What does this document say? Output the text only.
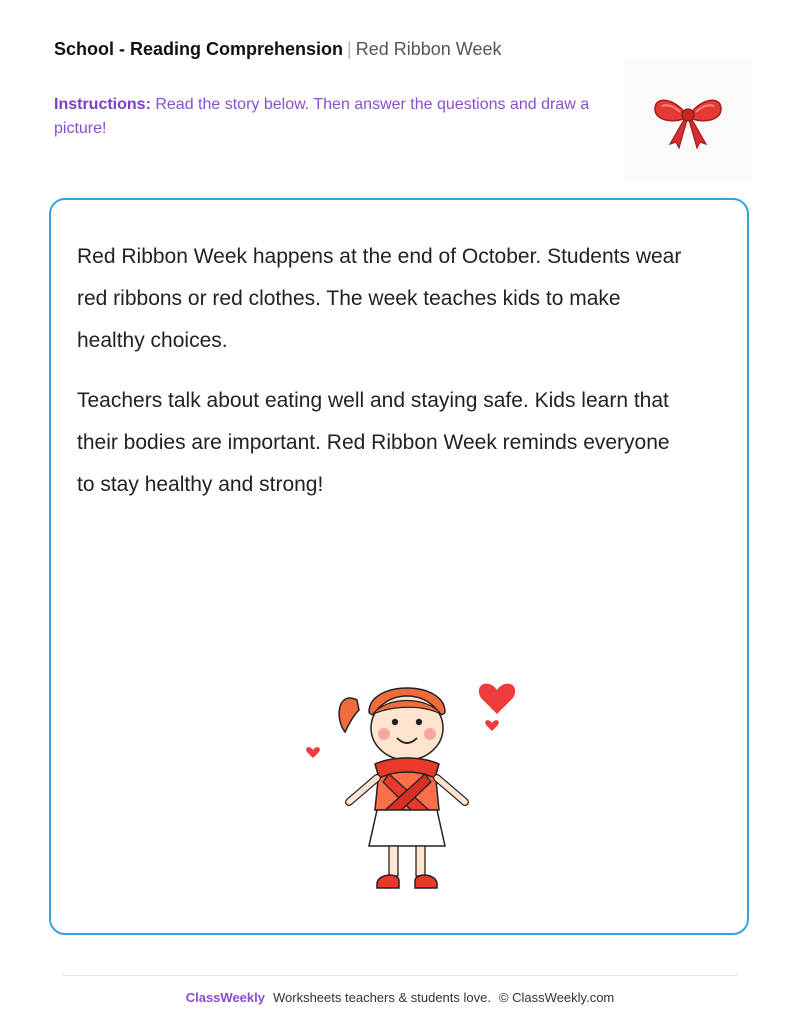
School - Reading Comprehension | Red Ribbon Week
Instructions: Read the story below. Then answer the questions and draw a picture!

Red Ribbon Week happens at the end of October. Students wear red ribbons or red clothes. The week teaches kids to make healthy choices.

Teachers talk about eating well and staying safe. Kids learn that their bodies are important. Red Ribbon Week reminds everyone to stay healthy and strong!

ClassWeekly Worksheets teachers & students love. © ClassWeekly.com
